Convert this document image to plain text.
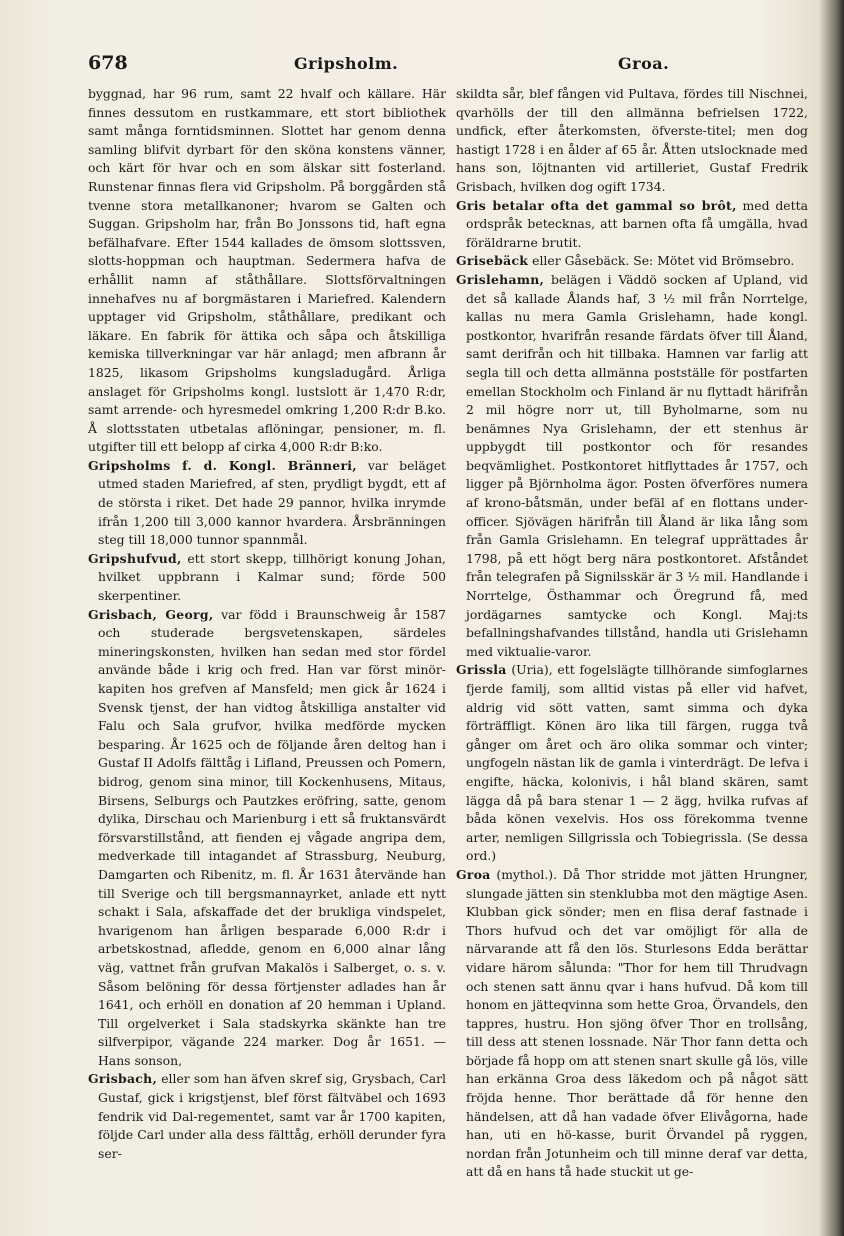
678	Gripsholm.	Groa.

byggnad, har 96 rum, samt 22 hvalf och källare. Här finnes dessutom en rustkammare, ett stort bibliothek samt många forntidsminnen. Slottet har genom denna samling blifvit dyrbart för den sköna konstens vänner, och kärt för hvar och en som älskar sitt fosterland. Runstenar finnas flera vid Gripsholm. På borggården stå tvenne stora metallkanoner; hvarom se Galten och Suggan. Gripsholm har, från Bo Jonssons tid, haft egna befälhafvare. Efter 1544 kallades de ömsom slottssven, slotts-hoppman och hauptman. Sedermera hafva de erhållit namn af ståthållare. Slottsförvaltningen innehafves nu af borgmästaren i Mariefred. Kalendern upptager vid Gripsholm, ståthållare, predikant och läkare. En fabrik för ättika och såpa och åtskilliga kemiska tillverkningar var här anlagd; men afbrann år 1825, likasom Gripsholms kungsladugård. Årliga anslaget för Gripsholms kongl. lustslott är 1,470 R:dr, samt arrende- och hyresmedel omkring 1,200 R:dr B.ko. Å slottsstaten utbetalas aflöningar, pensioner, m. fl. utgifter till ett belopp af cirka 4,000 R:dr B:ko.

Gripsholms f. d. Kongl. Bränneri, var beläget utmed staden Mariefred, af sten, prydligt bygdt, ett af de största i riket. Det hade 29 pannor, hvilka inrymde ifrån 1,200 till 3,000 kannor hvardera. Årsbränningen steg till 18,000 tunnor spannmål.

Gripshufvud, ett stort skepp, tillhörigt konung Johan, hvilket uppbrann i Kalmar sund; förde 500 skerpentiner.

Grisbach, Georg, var född i Braunschweig år 1587 och studerade bergsvetenskapen, särdeles mineringskonsten, hvilken han sedan med stor fördel använde både i krig och fred. Han var först minör-kapiten hos grefven af Mansfeld; men gick år 1624 i Svensk tjenst, der han vidtog åtskilliga anstalter vid Falu och Sala grufvor, hvilka medförde mycken besparing. År 1625 och de följande åren deltog han i Gustaf II Adolfs fälttåg i Lifland, Preussen och Pomern, bidrog, genom sina minor, till Kockenhusens, Mitaus, Birsens, Selburgs och Pautzkes eröfring, satte, genom dylika, Dirschau och Marienburg i ett så fruktansvärdt försvarstillstånd, att fienden ej vågade angripa dem, medverkade till intagandet af Strassburg, Neuburg, Damgarten och Ribenitz, m. fl. År 1631 återvände han till Sverige och till bergsmannayrket, anlade ett nytt schakt i Sala, afskaffade det der brukliga vindspelet, hvarigenom han årligen besparade 6,000 R:dr i arbetskostnad, afledde, genom en 6,000 alnar lång väg, vattnet från grufvan Makalös i Salberget, o. s. v. Såsom belöning för dessa förtjenster adlades han år 1641, och erhöll en donation af 20 hemman i Upland. Till orgelverket i Sala stadskyrka skänkte han tre silfverpipor, vägande 224 marker. Dog år 1651. — Hans sonson,

Grisbach, eller som han äfven skref sig, Grysbach, Carl Gustaf, gick i krigstjenst, blef först fältväbel och 1693 fendrik vid Dal-regementet, samt var år 1700 kapiten, följde Carl under alla dess fälttåg, erhöll derunder fyra ser-

skildta sår, blef fången vid Pultava, fördes till Nischnei, qvarhölls der till den allmänna befrielsen 1722, undfick, efter återkomsten, öfverste-titel; men dog hastigt 1728 i en ålder af 65 år. Åtten utslocknade med hans son, löjtnanten vid artilleriet, Gustaf Fredrik Grisbach, hvilken dog ogift 1734.

Gris betalar ofta det gammal so brôt, med detta ordspråk betecknas, att barnen ofta få umgälla, hvad föräldrarne brutit.

Grisebäck eller Gåsebäck. Se: Mötet vid Brömsebro.

Grislehamn, belägen i Väddö socken af Upland, vid det så kallade Ålands haf, 3 ½ mil från Norrtelge, kallas nu mera Gamla Grislehamn, hade kongl. postkontor, hvarifrån resande färdats öfver till Åland, samt derifrån och hit tillbaka. Hamnen var farlig att segla till och detta allmänna postställe för postfarten emellan Stockholm och Finland är nu flyttadt härifrån 2 mil högre norr ut, till Byholmarne, som nu benämnes Nya Grislehamn, der ett stenhus är uppbygdt till postkontor och för resandes beqvämlighet. Postkontoret hitflyttades år 1757, och ligger på Björnholma ägor. Posten öfverföres numera af krono-båtsmän, under befäl af en flottans under-officer. Sjövägen härifrån till Åland är lika lång som från Gamla Grislehamn. En telegraf upprättades år 1798, på ett högt berg nära postkontoret. Afståndet från telegrafen på Signilsskär är 3 ½ mil. Handlande i Norrtelge, Östhammar och Öregrund få, med jordägarnes samtycke och Kongl. Maj:ts befallningshafvandes tillstånd, handla uti Grislehamn med viktualie-varor.

Grissla (Uria), ett fogelslägte tillhörande simfoglarnes fjerde familj, som alltid vistas på eller vid hafvet, aldrig vid sött vatten, samt simma och dyka förträffligt. Könen äro lika till färgen, rugga två gånger om året och äro olika sommar och vinter; ungfogeln nästan lik de gamla i vinterdrägt. De lefva i engifte, häcka, kolonivis, i hål bland skären, samt lägga då på bara stenar 1 — 2 ägg, hvilka rufvas af båda könen vexelvis. Hos oss förekomma tvenne arter, nemligen Sillgrissla och Tobiegrissla. (Se dessa ord.)

Groa (mythol.). Då Thor stridde mot jätten Hrungner, slungade jätten sin stenklubba mot den mägtige Asen. Klubban gick sönder; men en flisa deraf fastnade i Thors hufvud och det var omöjligt för alla de närvarande att få den lös. Sturlesons Edda berättar vidare härom sålunda: "Thor for hem till Thrudvagn och stenen satt ännu qvar i hans hufvud. Då kom till honom en jätteqvinna som hette Groa, Örvandels, den tappres, hustru. Hon sjöng öfver Thor en trollsång, till dess att stenen lossnade. När Thor fann detta och började få hopp om att stenen snart skulle gå lös, ville han erkänna Groa dess läkedom och på något sätt fröjda henne. Thor berättade då för henne den händelsen, att då han vadade öfver Elivågorna, hade han, uti en hö-kasse, burit Örvandel på ryggen, nordan från Jotunheim och till minne deraf var detta, att då en hans tå hade stuckit ut ge-
